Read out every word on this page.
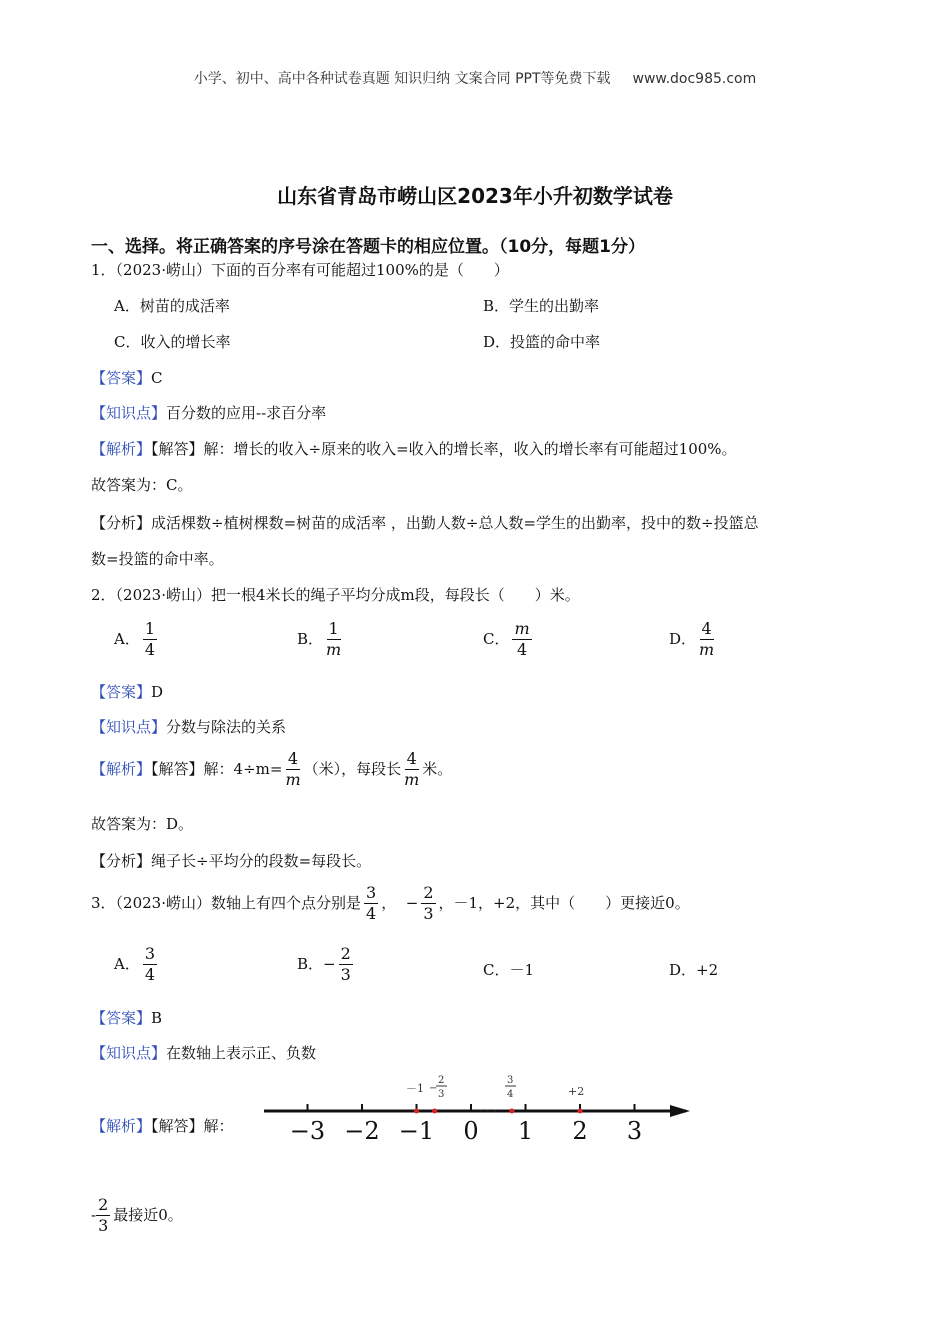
小学、初中、高中各种试卷真题 知识归纳 文案合同 PPT等免费下载 www.doc985.com
山东省青岛市崂山区2023年小升初数学试卷
一、选择。将正确答案的序号涂在答题卡的相应位置。（10分，每题1分）
1．（2023·崂山）下面的百分率有可能超过100%的是（　　）
A．树苗的成活率	B．学生的出勤率
C．收入的增长率	D．投篮的命中率
【答案】C
【知识点】百分数的应用--求百分率
【解析】【解答】解：增长的收入÷原来的收入=收入的增长率，收入的增长率有可能超过100%。
故答案为：C。
【分析】成活棵数÷植树棵数=树苗的成活率 ，出勤人数÷总人数=学生的出勤率，投中的数÷投篮总
数=投篮的命中率。
2．（2023·崂山）把一根4米长的绳子平均分成m段，每段长（　　）米。
A． $\frac{1}{4}$	B． $\frac{1}{m}$	C． $\frac{m}{4}$	D． $\frac{4}{m}$
【答案】D
【知识点】分数与除法的关系
【解析】【解答】解：$4\div m= \frac{4}{m}$ （米），每段长 $\frac{4}{m}$ 米。
故答案为：D。
【分析】绳子长÷平均分的段数=每段长。
3．（2023·崂山）数轴上有四个点分别是 $\frac{3}{4}$ ， − $\frac{2}{3}$ ，－1，+2，其中（　　）更接近0。
A． $\frac{3}{4}$	B．− $\frac{2}{3}$	C．－1	D．+2
【答案】B
【知识点】在数轴上表示正、负数
【解析】【解答】解： −3 −2 −1 0 1 2 3
· · ·
－1 −
2
3
3
4	+2
- $\frac{2}{3}$ 最接近0。
